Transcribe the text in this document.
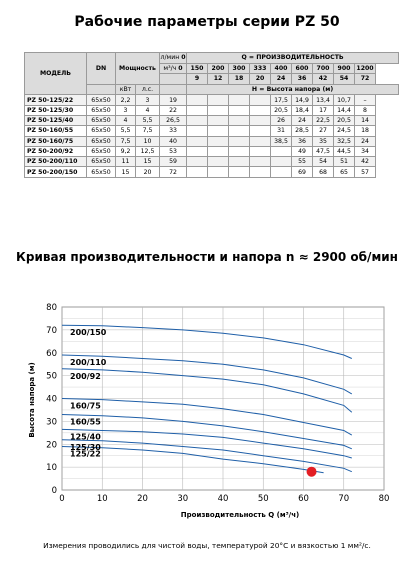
Рабочие параметры серии PZ 50
МОДЕЛЬ	DN	Мощность		л/мин 0	Q = ПРОИЗВОДИТЕЛЬНОСТЬ								
				м³/ч 0	150	200	300	333	400	600	700	900	1200
					9	12	18	20	24	36	42	54	72
		кВт	л.с.		Н = Высота напора (м)								
PZ 50-125/22	65x50	2,2	3	19					17,5	14,9	13,4	10,7	–
PZ 50-125/30	65x50	3	4	22					20,5	18,4	17	14,4	8
PZ 50-125/40	65x50	4	5,5	26,5					26	24	22,5	20,5	14
PZ 50-160/55	65x50	5,5	7,5	33					31	28,5	27	24,5	18
PZ 50-160/75	65x50	7,5	10	40					38,5	36	35	32,5	24
PZ 50-200/92	65x50	9,2	12,5	53						49	47,5	44,5	34
PZ 50-200/110	65x50	11	15	59						55	54	51	42
PZ 50-200/150	65x50	15	20	72						69	68	65	57
Кривая производительности и напора n ≈ 2900 об/мин
200/150
200/110
200/92
160/75
160/55
125/40
125/30
125/22
0	10	20	30	40	50	60	70	80
0
10
20
30
40
50
60
70
80
Производительность Q (м³/ч)
Высота напора (м)
Измерения проводились для чистой воды, температурой 20°С и вязкостью 1 мм²/с.
